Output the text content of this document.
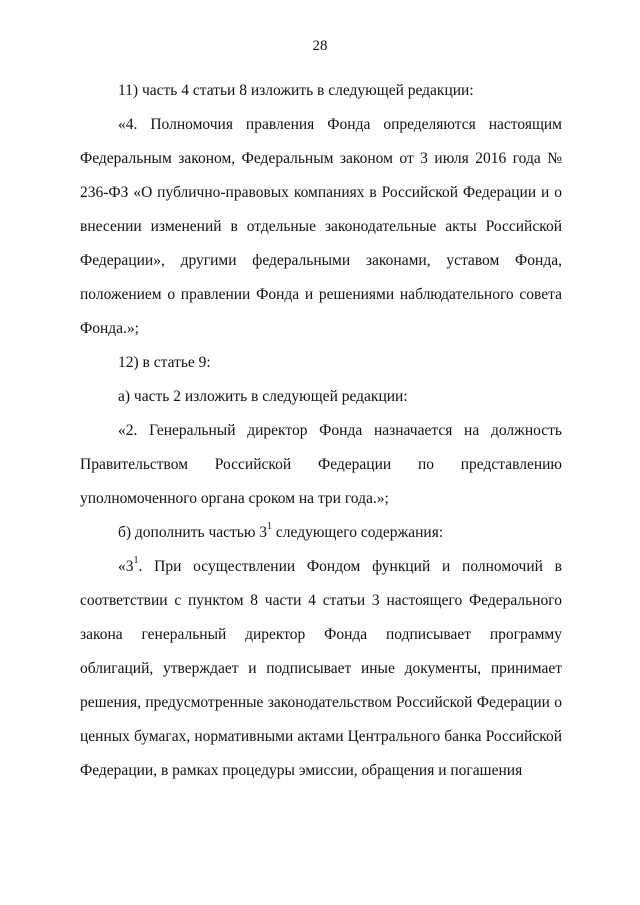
28

11) часть 4 статьи 8 изложить в следующей редакции:

«4. Полномочия правления Фонда определяются настоящим Федеральным законом, Федеральным законом от 3 июля 2016 года № 236-ФЗ «О публично-правовых компаниях в Российской Федерации и о внесении изменений в отдельные законодательные акты Российской Федерации», другими федеральными законами, уставом Фонда, положением о правлении Фонда и решениями наблюдательного совета Фонда.»;

12) в статье 9:

а) часть 2 изложить в следующей редакции:

«2. Генеральный директор Фонда назначается на должность Правительством Российской Федерации по представлению уполномоченного органа сроком на три года.»;

б) дополнить частью $3^1$ следующего содержания:

«$3^1$. При осуществлении Фондом функций и полномочий в соответствии с пунктом 8 части 4 статьи 3 настоящего Федерального закона генеральный директор Фонда подписывает программу облигаций, утверждает и подписывает иные документы, принимает решения, предусмотренные законодательством Российской Федерации о ценных бумагах, нормативными актами Центрального банка Российской Федерации, в рамках процедуры эмиссии, обращения и погашения
